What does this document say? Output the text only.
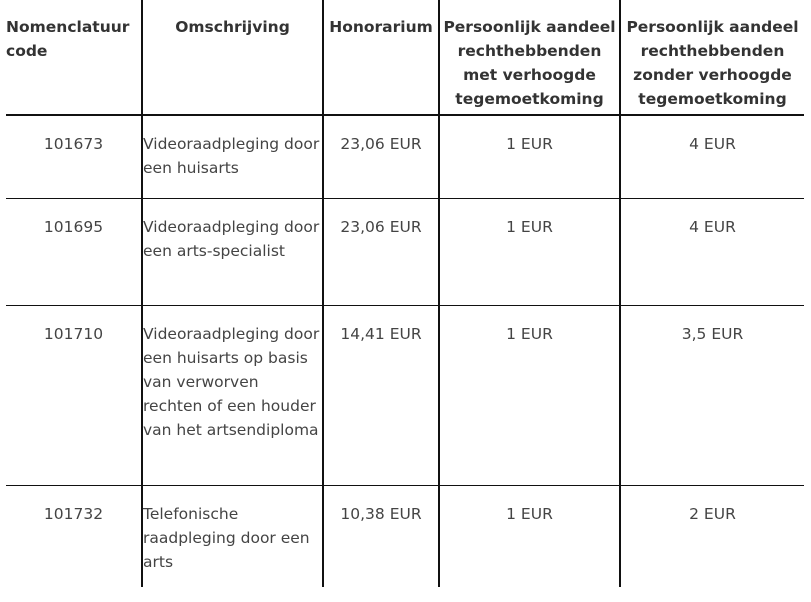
Nomenclatuur code	Omschrijving	Honorarium	Persoonlijk aandeel rechthebbenden met verhoogde tegemoetkoming	Persoonlijk aandeel rechthebbenden zonder verhoogde tegemoetkoming
101673	Videoraadpleging door een huisarts	23,06 EUR	1 EUR	4 EUR
101695	Videoraadpleging door een arts-specialist	23,06 EUR	1 EUR	4 EUR
101710	Videoraadpleging door een huisarts op basis van verworven rechten of een houder van het artsendiploma	14,41 EUR	1 EUR	3,5 EUR
101732	Telefonische raadpleging door een arts	10,38 EUR	1 EUR	2 EUR
